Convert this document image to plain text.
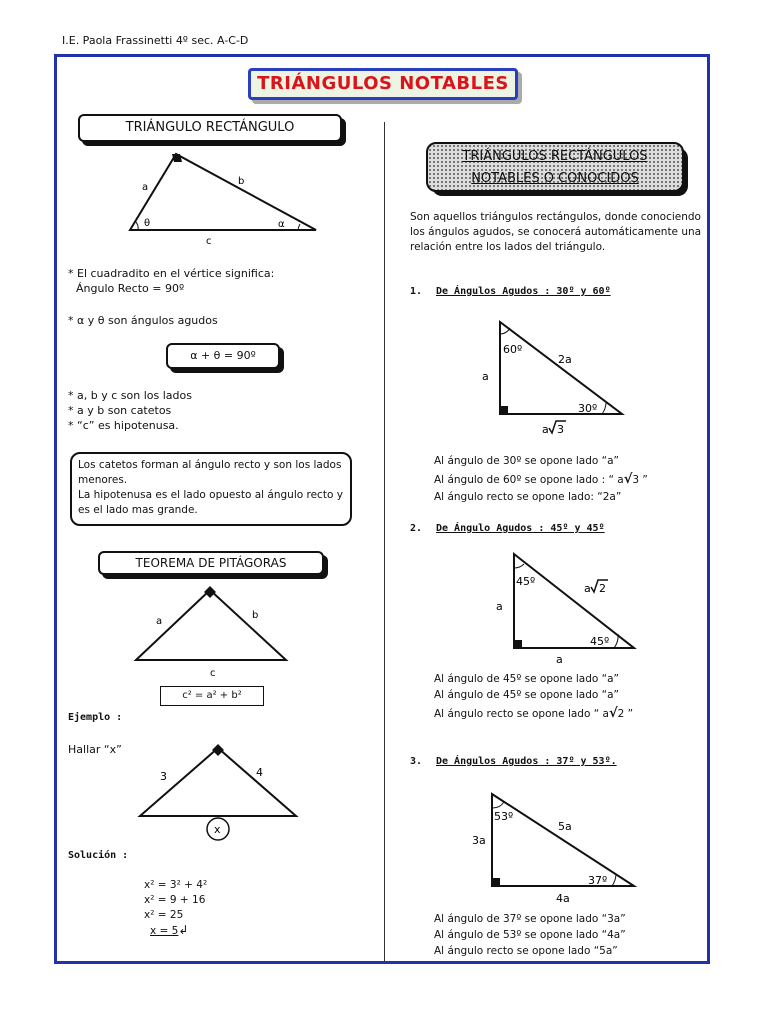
I.E. Paola Frassinetti 4º sec. A-C-D
TRIÁNGULOS NOTABLES
TRIÁNGULO RECTÁNGULO
a
b
c
θ	α
* El cuadradito en el vértice significa:
Ángulo Recto = 90º
* α y θ son ángulos agudos
α + θ = 90º
* a, b y c son los lados
* a y b son catetos
* “c” es hipotenusa.
Los catetos forman al ángulo recto y son los lados
menores.
La hipotenusa es el lado opuesto al ángulo recto y
es el lado mas grande.
TEOREMA DE PITÁGORAS
a
b
c
c² = a² + b²
Ejemplo :
Hallar “x”
3	4
x
Solución :
x² = 3² + 4²
x² = 9 + 16
x² = 25
x = 5↲
TRIÁNGULOS RECTÁNGULOS
NOTABLES O CONOCIDOS
Son aquellos triángulos rectángulos, donde conociendo
los ángulos agudos, se conocerá automáticamente una
relación entre los lados del triángulo.
1. De Ángulos Agudos : 30º y 60º
60º
2a
a
30º
a 3
Al ángulo de 30º se opone lado “a”
Al ángulo de 60º se opone lado : “ a√3 ”
Al ángulo recto se opone lado: “2a”
2. De Ángulo Agudos : 45º y 45º
45º
a 2
a
45º
a
Al ángulo de 45º se opone lado “a”
Al ángulo de 45º se opone lado “a”
Al ángulo recto se opone lado “ a√2 ”
3. De Ángulos Agudos : 37º y 53º.
53º
5a
3a
37º
4a
Al ángulo de 37º se opone lado “3a”
Al ángulo de 53º se opone lado “4a”
Al ángulo recto se opone lado “5a”
